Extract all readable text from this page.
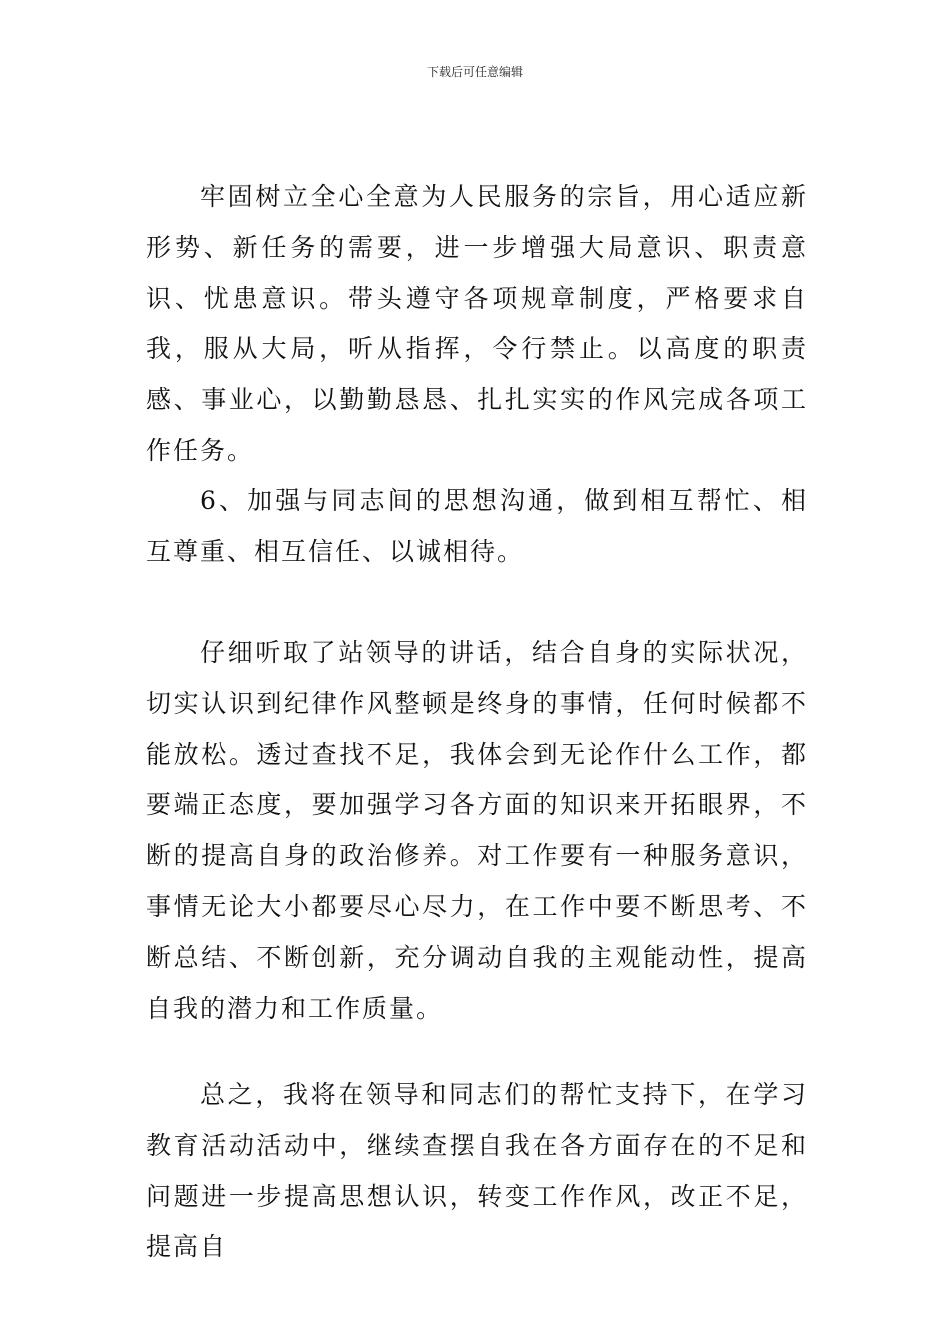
下载后可任意编辑

牢固树立全心全意为人民服务的宗旨，用心适应新形势、新任务的需要，进一步增强大局意识、职责意识、忧患意识。带头遵守各项规章制度，严格要求自我，服从大局，听从指挥，令行禁止。以高度的职责感、事业心，以勤勤恳恳、扎扎实实的作风完成各项工作任务。

6、加强与同志间的思想沟通，做到相互帮忙、相互尊重、相互信任、以诚相待。

仔细听取了站领导的讲话，结合自身的实际状况，切实认识到纪律作风整顿是终身的事情，任何时候都不能放松。透过查找不足，我体会到无论作什么工作，都要端正态度，要加强学习各方面的知识来开拓眼界，不断的提高自身的政治修养。对工作要有一种服务意识，事情无论大小都要尽心尽力，在工作中要不断思考、不断总结、不断创新，充分调动自我的主观能动性，提高自我的潜力和工作质量。

总之，我将在领导和同志们的帮忙支持下，在学习教育活动活动中，继续查摆自我在各方面存在的不足和问题进一步提高思想认识，转变工作作风，改正不足，提高自
